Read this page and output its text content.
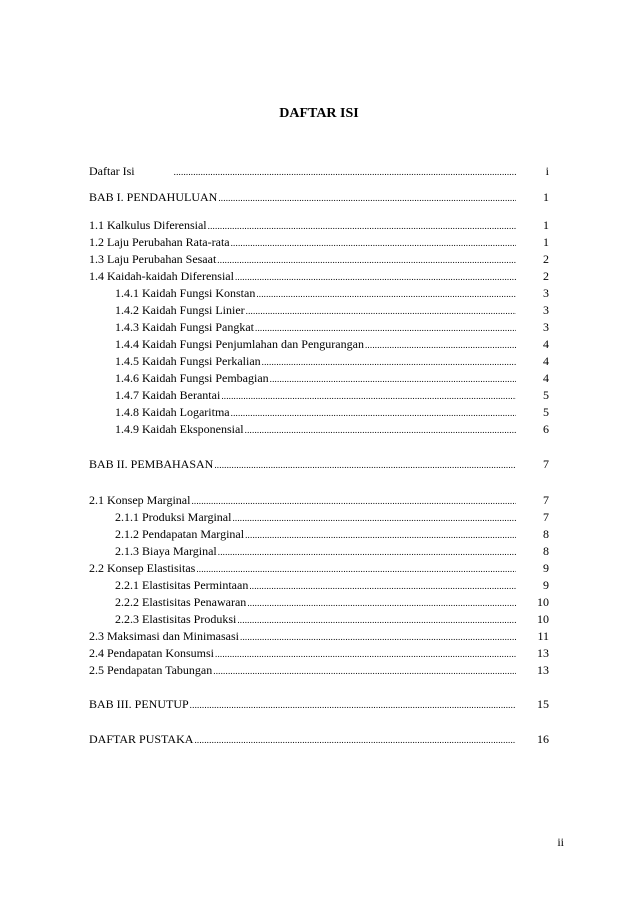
DAFTAR ISI
Daftar Isi .....	i
BAB I. PENDAHULUAN .....	1
1.1 Kalkulus Diferensial .....	1
1.2 Laju Perubahan Rata-rata .....	1
1.3 Laju Perubahan Sesaat .....	2
1.4 Kaidah-kaidah Diferensial .....	2
1.4.1 Kaidah Fungsi Konstan .....	3
1.4.2 Kaidah Fungsi Linier .....	3
1.4.3 Kaidah Fungsi Pangkat .....	3
1.4.4 Kaidah Fungsi Penjumlahan dan Pengurangan .....	4
1.4.5 Kaidah Fungsi Perkalian .....	4
1.4.6 Kaidah Fungsi Pembagian .....	4
1.4.7 Kaidah Berantai .....	5
1.4.8 Kaidah Logaritma .....	5
1.4.9 Kaidah Eksponensial .....	6
BAB II. PEMBAHASAN .....	7
2.1 Konsep Marginal .....	7
2.1.1 Produksi Marginal .....	7
2.1.2 Pendapatan Marginal .....	8
2.1.3 Biaya Marginal .....	8
2.2 Konsep Elastisitas .....	9
2.2.1 Elastisitas Permintaan .....	9
2.2.2 Elastisitas Penawaran .....	10
2.2.3 Elastisitas Produksi .....	10
2.3 Maksimasi dan Minimasasi .....	11
2.4 Pendapatan Konsumsi .....	13
2.5 Pendapatan Tabungan .....	13
BAB III. PENUTUP .....	15
DAFTAR PUSTAKA .....	16
ii
